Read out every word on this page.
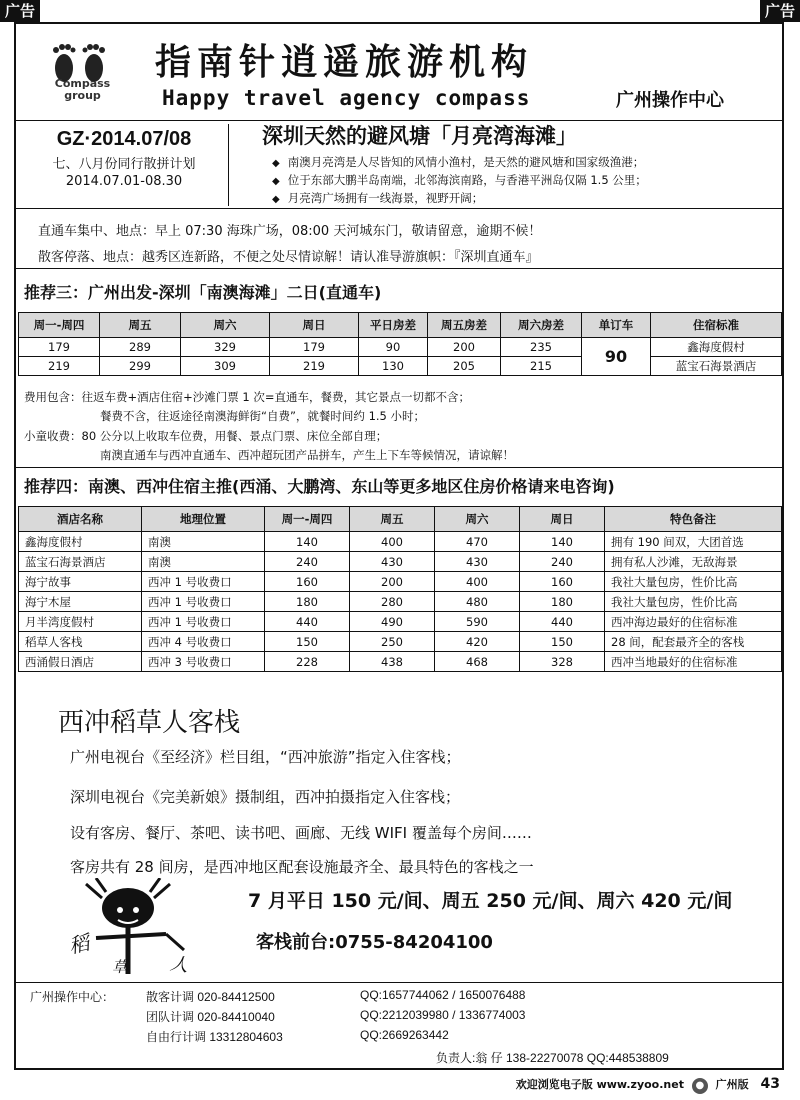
广告	广告
Compass
group
指南针逍遥旅游机构
Happy travel agency compass	广州操作中心
GZ·2014.07/08
七、八月份同行散拼计划
2014.07.01-08.30
深圳天然的避风塘「月亮湾海滩」
◆ 南澳月亮湾是人尽皆知的风情小渔村，是天然的避风塘和国家级渔港；
◆ 位于东部大鹏半岛南端，北邻海滨南路，与香港平洲岛仅隔 1.5 公里；
◆ 月亮湾广场拥有一线海景，视野开阔；
直通车集中、地点：早上 07:30 海珠广场，08:00 天河城东门，敬请留意，逾期不候！
散客停落、地点：越秀区连新路，不便之处尽情谅解！请认准导游旗帜：『深圳直通车』
推荐三：广州出发-深圳「南澳海滩」二日(直通车)
周一-周四	周五	周六	周日	平日房差	周五房差	周六房差	单订车	住宿标准
179	289	329	179	90	200	235	90	鑫海度假村
219	299	309	219	130	205	215		蓝宝石海景酒店
费用包含：往返车费+酒店住宿+沙滩门票 1 次=直通车，餐费，其它景点一切都不含；
餐费不含，往返途径南澳海鲜街“自费”，就餐时间约 1.5 小时；
小童收费：80 公分以上收取车位费，用餐、景点门票、床位全部自理；
南澳直通车与西冲直通车、西冲超玩团产品拼车，产生上下车等候情况，请谅解！
推荐四：南澳、西冲住宿主推(西涌、大鹏湾、东山等更多地区住房价格请来电咨询)
酒店名称	地理位置	周一-周四	周五	周六	周日	特色备注
鑫海度假村	南澳	140	400	470	140	拥有 190 间双，大团首选
蓝宝石海景酒店	南澳	240	430	430	240	拥有私人沙滩，无敌海景
海宁故事	西冲 1 号收费口	160	200	400	160	我社大量包房，性价比高
海宁木屋	西冲 1 号收费口	180	280	480	180	我社大量包房，性价比高
月半湾度假村	西冲 1 号收费口	440	490	590	440	西冲海边最好的住宿标准
稻草人客栈	西冲 4 号收费口	150	250	420	150	28 间，配套最齐全的客栈
西涌假日酒店	西冲 3 号收费口	228	438	468	328	西冲当地最好的住宿标准
西冲稻草人客栈
广州电视台《至经济》栏目组，“西冲旅游”指定入住客栈；
深圳电视台《完美新娘》摄制组，西冲拍摄指定入住客栈；
设有客房、餐厅、茶吧、读书吧、画廊、无线 WIFI 覆盖每个房间……
客房共有 28 间房，是西冲地区配套设施最齐全、最具特色的客栈之一
稻
草 人
7 月平日 150 元/间、周五 250 元/间、周六 420 元/间
客栈前台:0755-84204100
广州操作中心：	散客计调 020-84412500	QQ:1657744062 / 1650076488
团队计调 020-84410040	QQ:2212039980 / 1336774003
自由行计调 13312804603	QQ:2669263442
负责人:翁 仔 138-22270078 QQ:448538809
欢迎浏览电子版 www.zyoo.net ● 广州版 43
